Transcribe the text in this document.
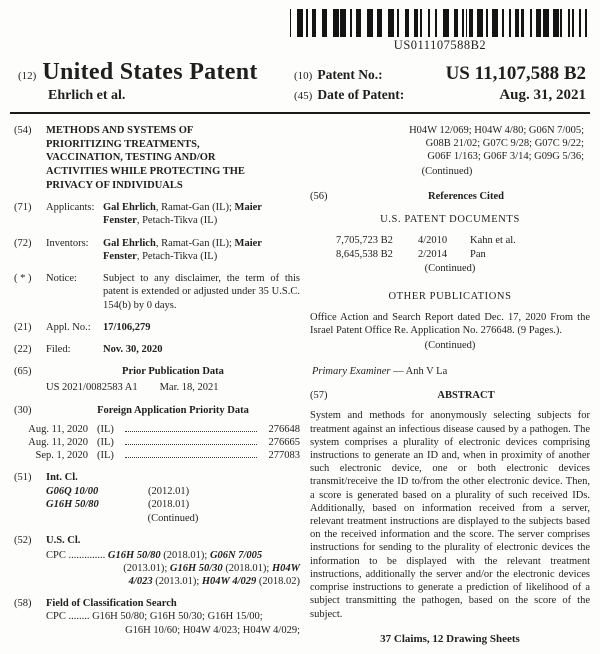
US011107588B2
(12) United States Patent
Ehrlich et al.
(10) Patent No.:	US 11,107,588 B2
(45) Date of Patent:	Aug. 31, 2021
(54)	METHODS AND SYSTEMS OF PRIORITIZING TREATMENTS, VACCINATION, TESTING AND/OR ACTIVITIES WHILE PROTECTING THE PRIVACY OF INDIVIDUALS
(71)	Applicants: Gal Ehrlich, Ramat-Gan (IL); Maier Fenster, Petach-Tikva (IL)
(72)	Inventors:	Gal Ehrlich, Ramat-Gan (IL); Maier Fenster, Petach-Tikva (IL)
( * )	Notice:	Subject to any disclaimer, the term of this patent is extended or adjusted under 35 U.S.C. 154(b) by 0 days.
(21)	Appl. No.:	17/106,279
(22)	Filed:	Nov. 30, 2020
(65)	Prior Publication Data
US 2021/0082583 A1 Mar. 18, 2021
(30)	Foreign Application Priority Data
Aug. 11, 2020 (IL)	276648
Aug. 11, 2020 (IL)	276665
Sep. 1, 2020 (IL)	277083
(51)	Int. Cl.
G06Q 10/00	(2012.01)
G16H 50/80	(2018.01)
(Continued)
(52)	U.S. Cl.
CPC .............. G16H 50/80 (2018.01); G06N 7/005
(2013.01); G16H 50/30 (2018.01); H04W
4/023 (2013.01); H04W 4/029 (2018.02)
(58)	Field of Classification Search
CPC ........ G16H 50/80; G16H 50/30; G16H 15/00;
G16H 10/60; H04W 4/023; H04W 4/029;
H04W 12/069; H04W 4/80; G06N 7/005;
G08B 21/02; G07C 9/28; G07C 9/22;
G06F 1/163; G06F 3/14; G09G 5/36;
(Continued)
(56)	References Cited
U.S. PATENT DOCUMENTS
7,705,723 B2	4/2010	Kahn et al.
8,645,538 B2	2/2014	Pan
(Continued)
OTHER PUBLICATIONS
Office Action and Search Report dated Dec. 17, 2020 From the Israel Patent Office Re. Application No. 276648. (9 Pages.).
(Continued)
Primary Examiner — Anh V La
(57)	ABSTRACT
System and methods for anonymously selecting subjects for treatment against an infectious disease caused by a pathogen. The system comprises a plurality of electronic devices comprising instructions to generate an ID and, when in proximity of another such electronic device, one or both electronic devices transmit/receive the ID to/from the other electronic device. Then, a score is generated based on a plurality of such received IDs. Additionally, based on information received from a server, relevant treatment instructions are displayed to the subjects based on the received information and the score. The server comprises instructions for sending to the plurality of electronic devices the information to be displayed with the relevant treatment instructions, additionally the server and/or the electronic devices comprise instructions to generate a prediction of likelihood of a subject transmitting the pathogen, based on the score of the subject.
37 Claims, 12 Drawing Sheets
